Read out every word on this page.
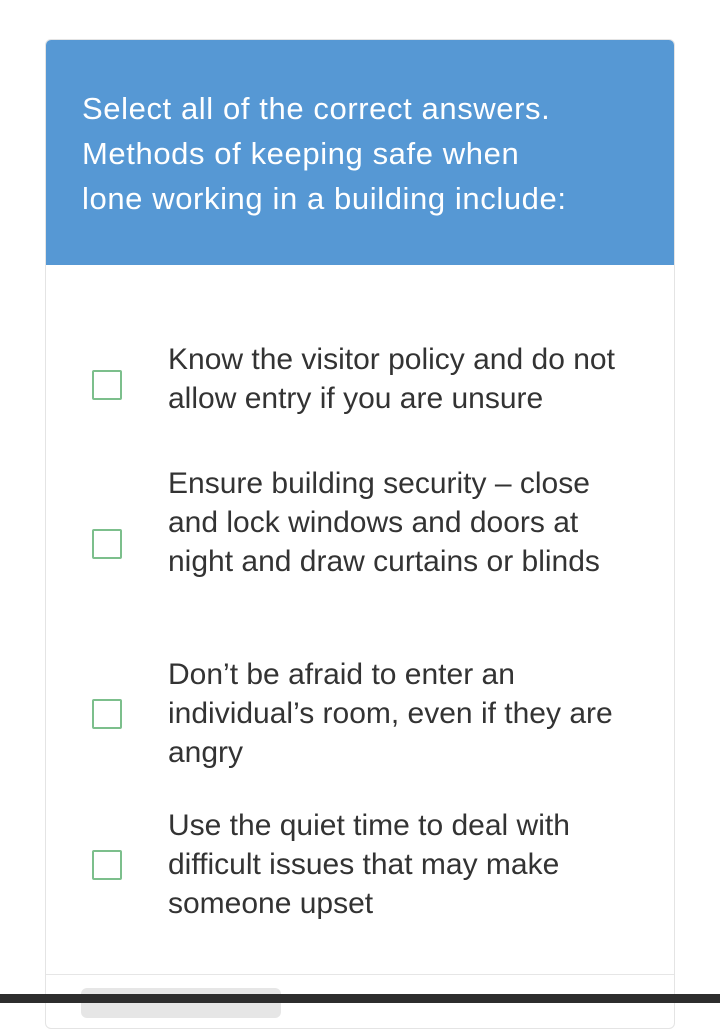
Select all of the correct answers.

Methods of keeping safe when

lone working in a building include:

Know the visitor policy and do not allow entry if you are unsure
Ensure building security – close and lock windows and doors at night and draw curtains or blinds
Don’t be afraid to enter an individual’s room, even if they are angry
Use the quiet time to deal with difficult issues that may make someone upset
